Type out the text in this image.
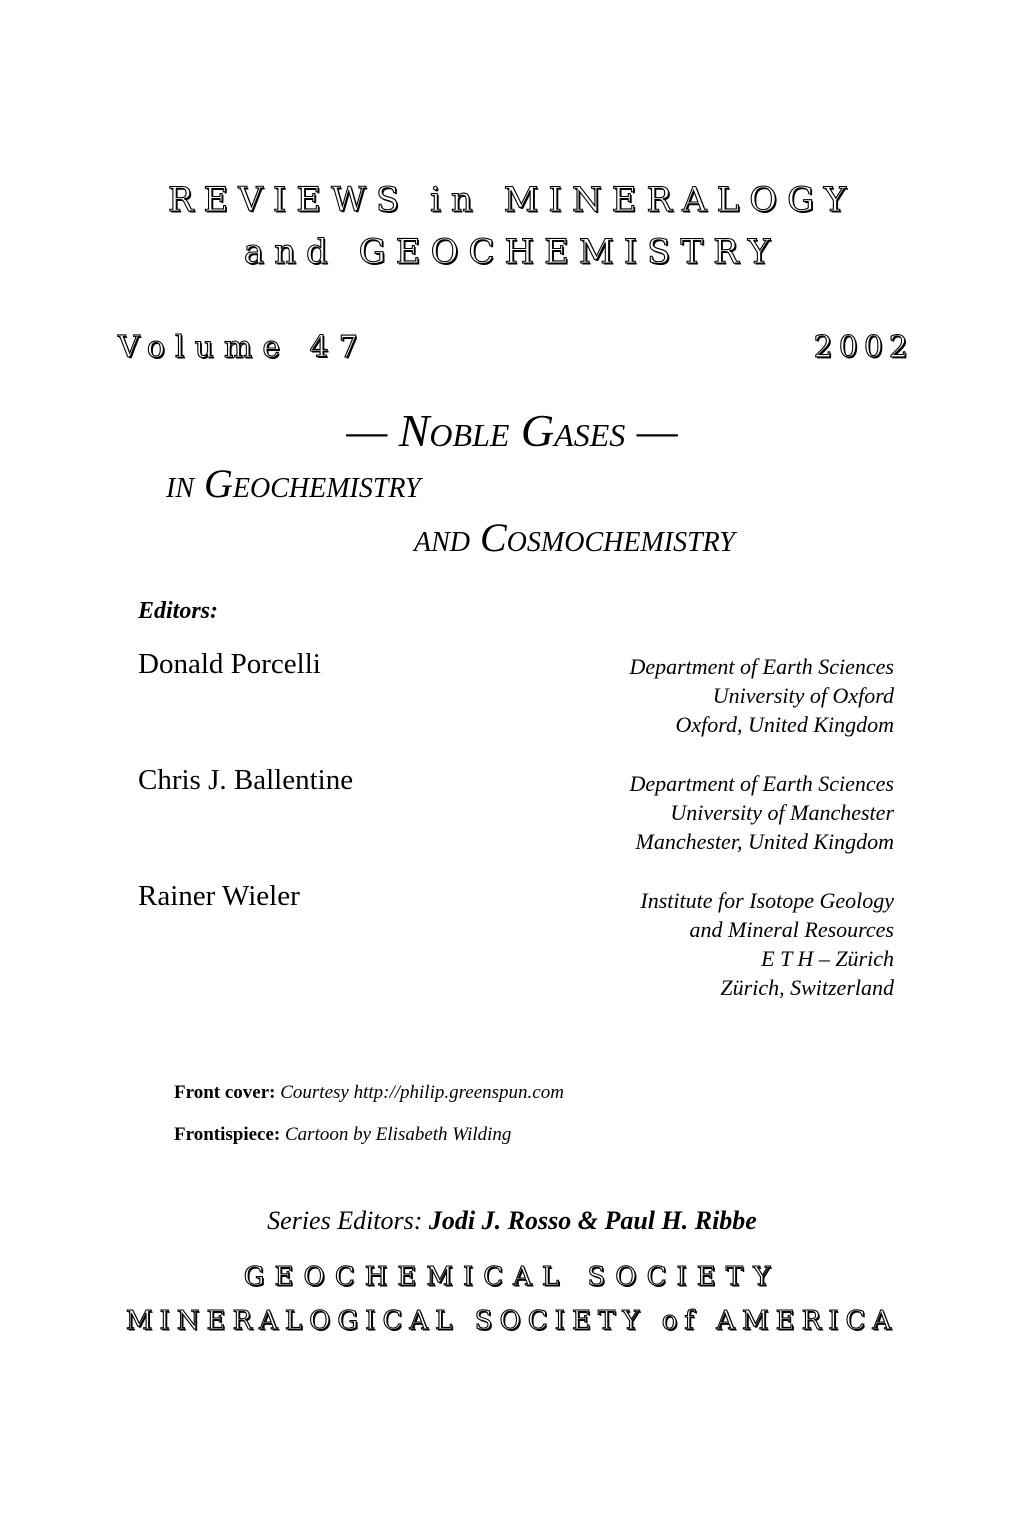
REVIEWS in MINERALOGY
and GEOCHEMISTRY
Volume 47	2002
— Noble Gases —
in Geochemistry
and Cosmochemistry
Editors:
Donald Porcelli	Department of Earth Sciences
University of Oxford
Oxford, United Kingdom
Chris J. Ballentine	Department of Earth Sciences
University of Manchester
Manchester, United Kingdom
Rainer Wieler	Institute for Isotope Geology
and Mineral Resources
E T H – Zürich
Zürich, Switzerland
Front cover: Courtesy http://philip.greenspun.com
Frontispiece: Cartoon by Elisabeth Wilding
Series Editors: Jodi J. Rosso & Paul H. Ribbe
GEOCHEMICAL SOCIETY
MINERALOGICAL SOCIETY of AMERICA
